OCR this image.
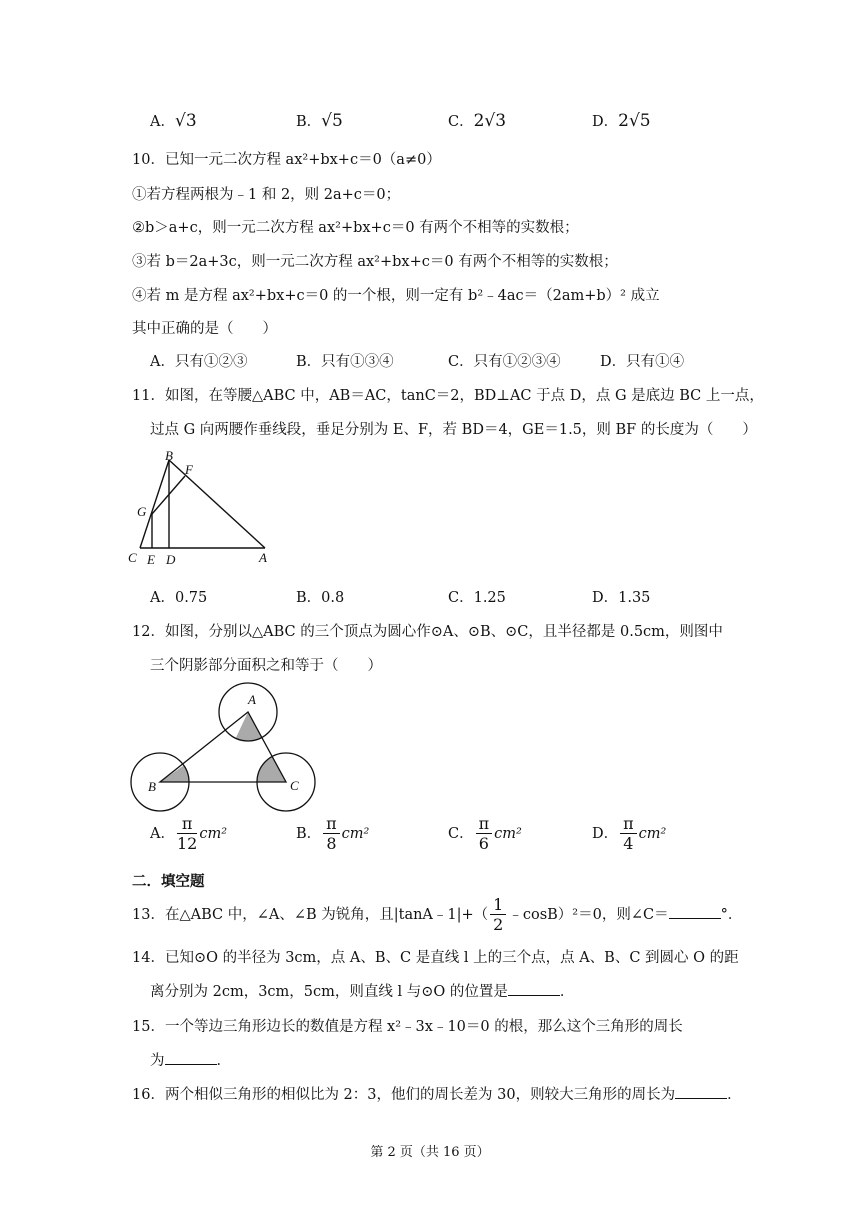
A．√3	B．√5	C．2√3	D．2√5
10．已知一元二次方程 ax²+bx+c＝0（a≠0）
①若方程两根为﹣1 和 2，则 2a+c＝0；
②b＞a+c，则一元二次方程 ax²+bx+c＝0 有两个不相等的实数根；
③若 b＝2a+3c，则一元二次方程 ax²+bx+c＝0 有两个不相等的实数根；
④若 m 是方程 ax²+bx+c＝0 的一个根，则一定有 b²﹣4ac＝（2am+b）² 成立
其中正确的是（　　）
A．只有①②③	B．只有①③④	C．只有①②③④	D．只有①④
11．如图，在等腰△ABC 中，AB＝AC，tanC＝2，BD⊥AC 于点 D，点 G 是底边 BC 上一点，
过点 G 向两腰作垂线段，垂足分别为 E、F，若 BD＝4，GE＝1.5，则 BF 的长度为（　　）
B
F
G
C E D	A
A．0.75	B．0.8	C．1.25	D．1.35
12．如图，分别以△ABC 的三个顶点为圆心作⊙A、⊙B、⊙C，且半径都是 0.5cm，则图中
三个阴影部分面积之和等于（　　）
A
B	C
A． $\frac{\pi}{12} cm^2$	B． $\frac{\pi}{8} cm^2$	C． $\frac{\pi}{6} cm^2$	D． $\frac{\pi}{4} cm^2$
二．填空题
13．在△ABC 中，∠A、∠B 为锐角，且|tanA﹣1|+（ $\frac{1}{2}$ ﹣cosB）²＝0，则∠C＝	°．
14．已知⊙O 的半径为 3cm，点 A、B、C 是直线 l 上的三个点，点 A、B、C 到圆心 O 的距
离分别为 2cm，3cm，5cm，则直线 l 与⊙O 的位置是	．
15．一个等边三角形边长的数值是方程 x²﹣3x﹣10＝0 的根，那么这个三角形的周长
为	．
16．两个相似三角形的相似比为 2：3，他们的周长差为 30，则较大三角形的周长为	．
第 2 页（共 16 页）
